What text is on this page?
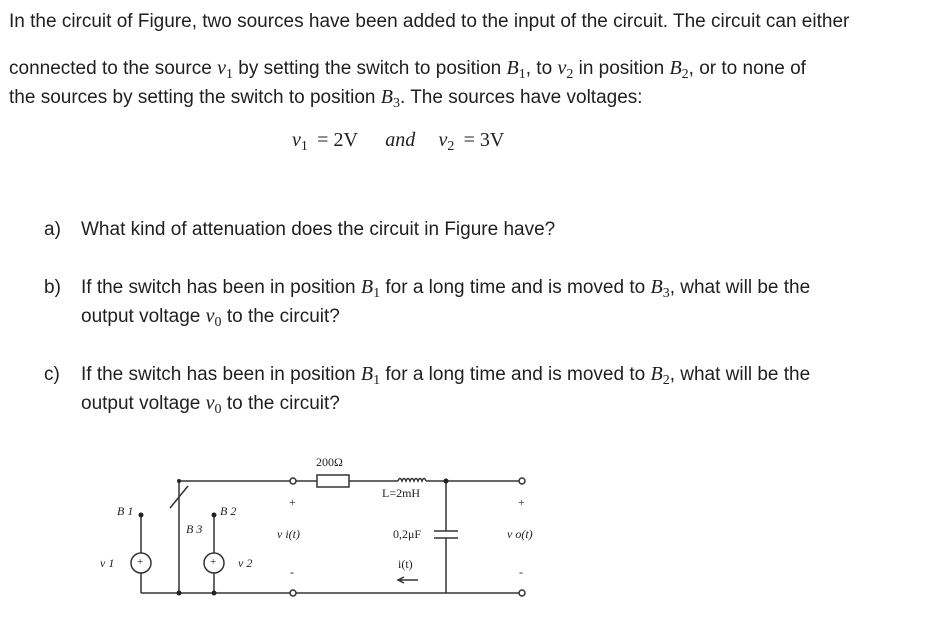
In the circuit of Figure, two sources have been added to the input of the circuit. The circuit can either
connected to the source $v_1$ by setting the switch to position $B_1$, to $v_2$ in position $B_2$, or to none of
the sources by setting the switch to position $B_3$. The sources have voltages:
$v_1 = 2V$ and $v_2 = 3V$
a) What kind of attenuation does the circuit in Figure have?
b) If the switch has been in position $B_1$ for a long time and is moved to $B_3$, what will be the
output voltage $v_0$ to the circuit?
c) If the switch has been in position $B_1$ for a long time and is moved to $B_2$, what will be the
output voltage $v_0$ to the circuit?
200Ω
L=2mH
0,2μF
i(t)
v i(t)
+
-
v o(t)
+
-
B 1	B 2
B 3
v 1	v 2
+	+
